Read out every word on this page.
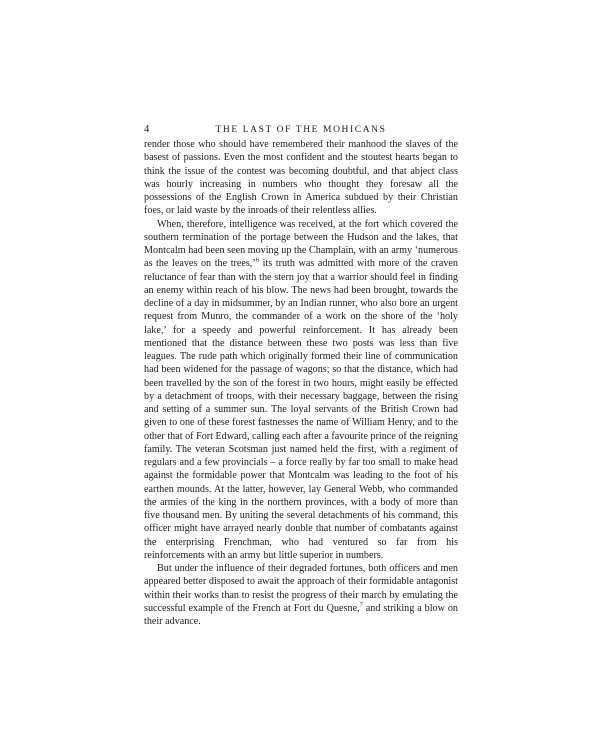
4	THE LAST OF THE MOHICANS

render those who should have remembered their manhood the slaves of the basest of passions. Even the most confident and the stoutest hearts began to think the issue of the contest was becoming doubtful, and that abject class was hourly increasing in numbers who thought they foresaw all the possessions of the English Crown in America subdued by their Christian foes, or laid waste by the inroads of their relentless allies.

When, therefore, intelligence was received, at the fort which covered the southern termination of the portage between the Hudson and the lakes, that Montcalm had been seen moving up the Champlain, with an army ‘numerous as the leaves on the trees,’$^6$ its truth was admitted with more of the craven reluctance of fear than with the stern joy that a warrior should feel in finding an enemy within reach of his blow. The news had been brought, towards the decline of a day in midsummer, by an Indian runner, who also bore an urgent request from Munro, the commander of a work on the shore of the ‘holy lake,’ for a speedy and powerful reinforcement. It has already been mentioned that the distance between these two posts was less than five leagues. The rude path which originally formed their line of communication had been widened for the passage of wagons; so that the distance, which had been travelled by the son of the forest in two hours, might easily be effected by a detachment of troops, with their necessary baggage, between the rising and setting of a summer sun. The loyal servants of the British Crown had given to one of these forest fastnesses the name of William Henry, and to the other that of Fort Edward, calling each after a favourite prince of the reigning family. The veteran Scotsman just named held the first, with a regiment of regulars and a few provincials – a force really by far too small to make head against the formidable power that Montcalm was leading to the foot of his earthen mounds. At the latter, however, lay General Webb, who commanded the armies of the king in the northern provinces, with a body of more than five thousand men. By uniting the several detachments of his command, this officer might have arrayed nearly double that number of combatants against the enterprising Frenchman, who had ventured so far from his reinforcements with an army but little superior in numbers.

But under the influence of their degraded fortunes, both officers and men appeared better disposed to await the approach of their formidable antagonist within their works than to resist the progress of their march by emulating the successful example of the French at Fort du Quesne,$^7$ and striking a blow on their advance.
